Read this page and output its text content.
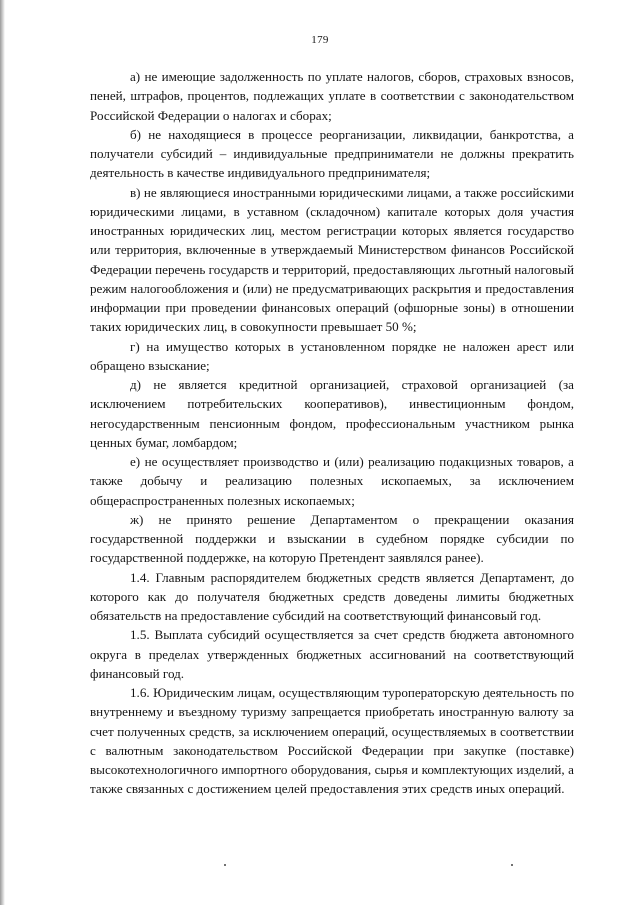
179

а) не имеющие задолженность по уплате налогов, сборов, страховых взносов, пеней, штрафов, процентов, подлежащих уплате в соответствии с законодательством Российской Федерации о налогах и сборах;

б) не находящиеся в процессе реорганизации, ликвидации, банкротства, а получатели субсидий – индивидуальные предприниматели не должны прекратить деятельность в качестве индивидуального предпринимателя;

в) не являющиеся иностранными юридическими лицами, а также российскими юридическими лицами, в уставном (складочном) капитале которых доля участия иностранных юридических лиц, местом регистрации которых является государство или территория, включенные в утверждаемый Министерством финансов Российской Федерации перечень государств и территорий, предоставляющих льготный налоговый режим налогообложения и (или) не предусматривающих раскрытия и предоставления информации при проведении финансовых операций (офшорные зоны) в отношении таких юридических лиц, в совокупности превышает 50 %;

г) на имущество которых в установленном порядке не наложен арест или обращено взыскание;

д) не является кредитной организацией, страховой организацией (за исключением потребительских кооперативов), инвестиционным фондом, негосударственным пенсионным фондом, профессиональным участником рынка ценных бумаг, ломбардом;

е) не осуществляет производство и (или) реализацию подакцизных товаров, а также добычу и реализацию полезных ископаемых, за исключением общераспространенных полезных ископаемых;

ж) не принято решение Департаментом о прекращении оказания государственной поддержки и взыскании в судебном порядке субсидии по государственной поддержке, на которую Претендент заявлялся ранее).

1.4. Главным распорядителем бюджетных средств является Департамент, до которого как до получателя бюджетных средств доведены лимиты бюджетных обязательств на предоставление субсидий на соответствующий финансовый год.

1.5. Выплата субсидий осуществляется за счет средств бюджета автономного округа в пределах утвержденных бюджетных ассигнований на соответствующий финансовый год.

1.6. Юридическим лицам, осуществляющим туроператорскую деятельность по внутреннему и въездному туризму запрещается приобретать иностранную валюту за счет полученных средств, за исключением операций, осуществляемых в соответствии с валютным законодательством Российской Федерации при закупке (поставке) высокотехнологичного импортного оборудования, сырья и комплектующих изделий, а также связанных с достижением целей предоставления этих средств иных операций.
